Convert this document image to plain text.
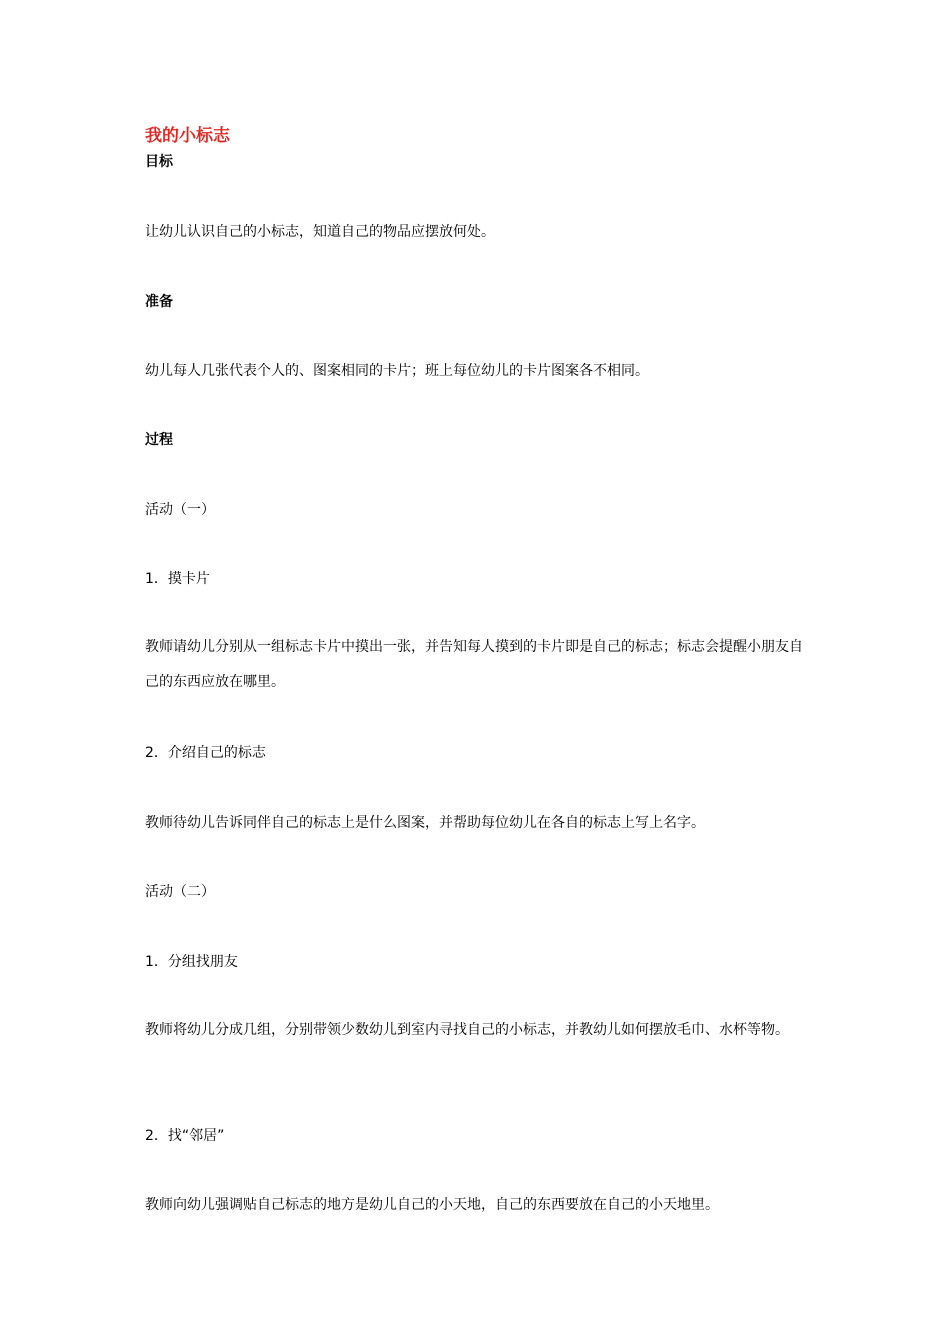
我的小标志
目标
让幼儿认识自己的小标志，知道自己的物品应摆放何处。
准备
幼儿每人几张代表个人的、图案相同的卡片；班上每位幼儿的卡片图案各不相同。
过程
活动（一）
1．摸卡片
教师请幼儿分别从一组标志卡片中摸出一张，并告知每人摸到的卡片即是自己的标志；标志会提醒小朋友自己的东西应放在哪里。
2．介绍自己的标志
教师待幼儿告诉同伴自己的标志上是什么图案，并帮助每位幼儿在各自的标志上写上名字。
活动（二）
1．分组找朋友
教师将幼儿分成几组，分别带领少数幼儿到室内寻找自己的小标志，并教幼儿如何摆放毛巾、水杯等物。
2．找“邻居”
教师向幼儿强调贴自己标志的地方是幼儿自己的小天地，自己的东西要放在自己的小天地里。
